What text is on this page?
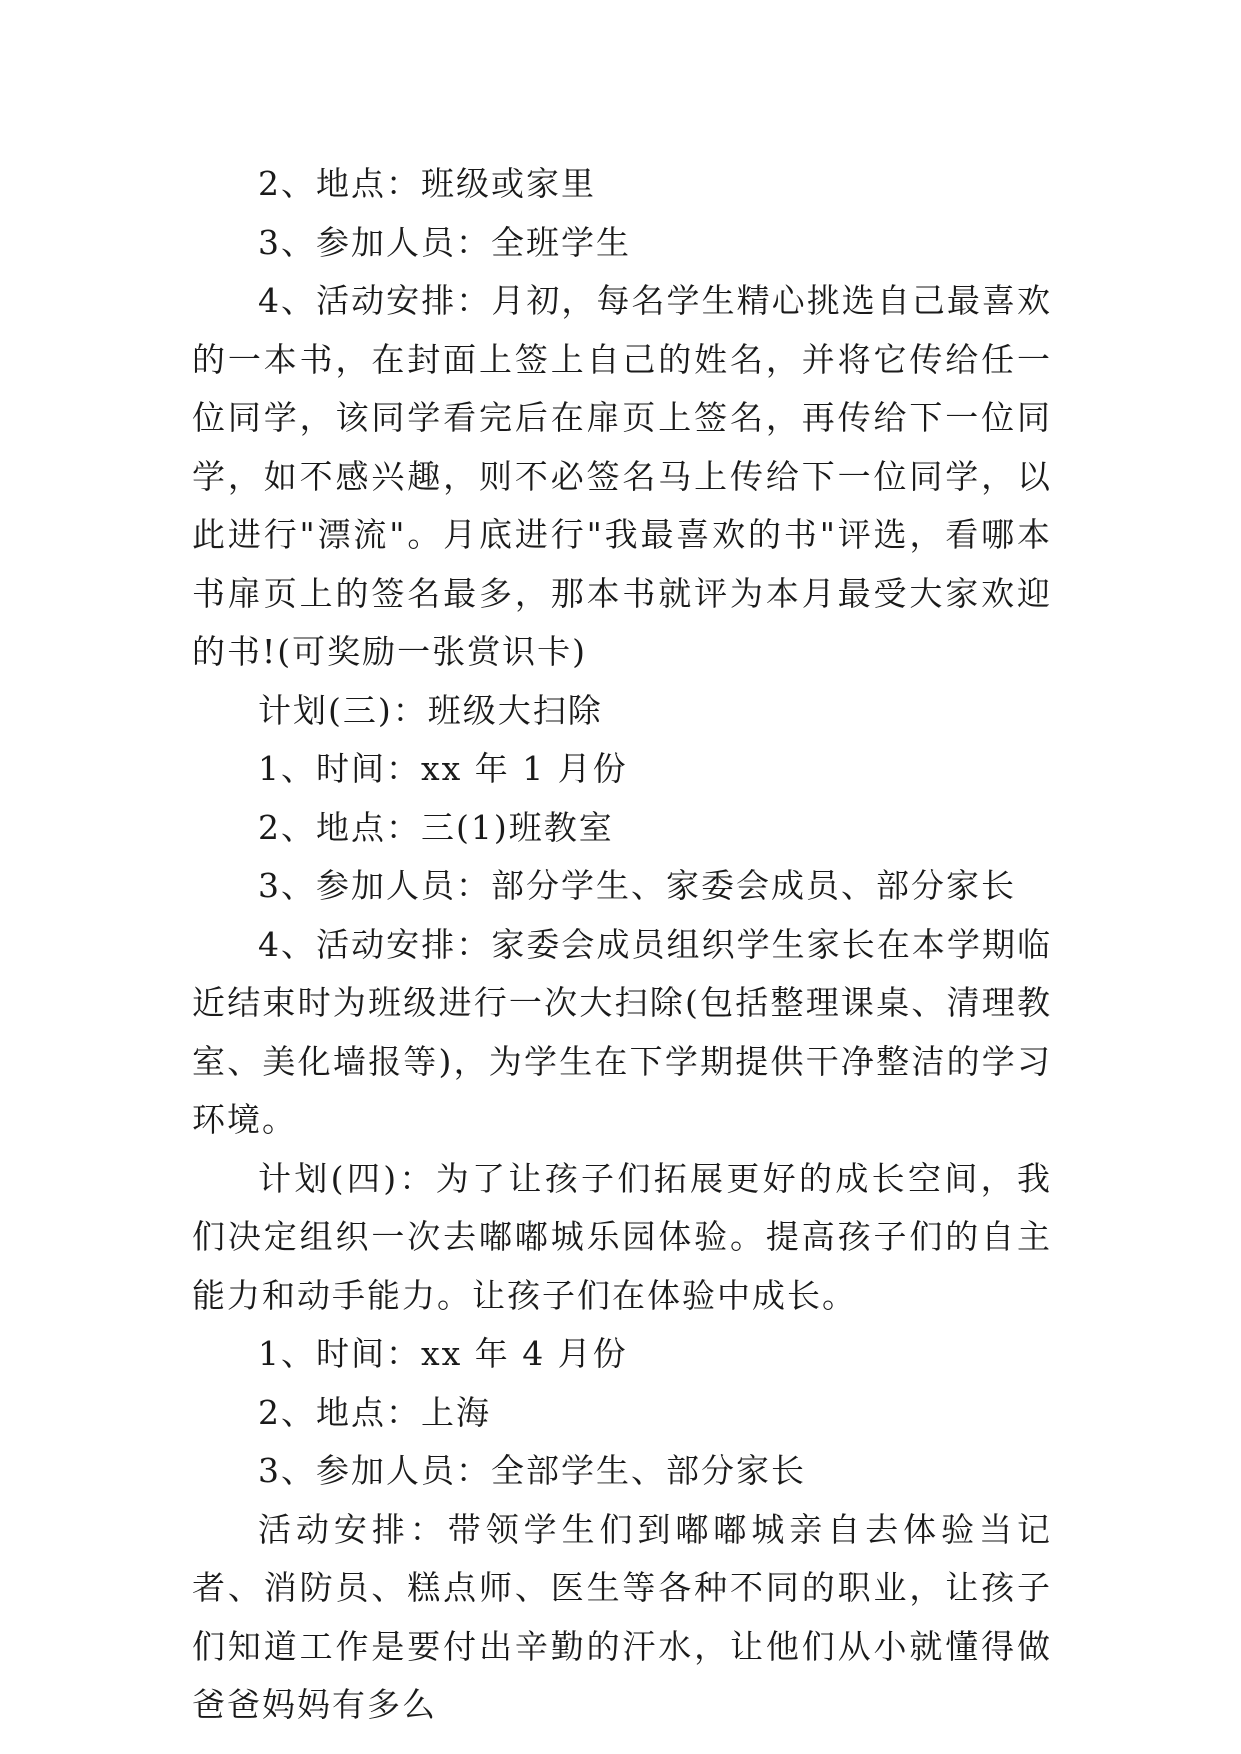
2、地点：班级或家里

3、参加人员：全班学生

4、活动安排：月初，每名学生精心挑选自己最喜欢的一本书，在封面上签上自己的姓名，并将它传给任一位同学，该同学看完后在扉页上签名，再传给下一位同学，如不感兴趣，则不必签名马上传给下一位同学，以此进行"漂流"。月底进行"我最喜欢的书"评选，看哪本书扉页上的签名最多，那本书就评为本月最受大家欢迎的书!(可奖励一张赏识卡)

计划(三)：班级大扫除

1、时间：xx 年 1 月份

2、地点：三(1)班教室

3、参加人员：部分学生、家委会成员、部分家长

4、活动安排：家委会成员组织学生家长在本学期临近结束时为班级进行一次大扫除(包括整理课桌、清理教室、美化墙报等)，为学生在下学期提供干净整洁的学习环境。

计划(四)：为了让孩子们拓展更好的成长空间，我们决定组织一次去嘟嘟城乐园体验。提高孩子们的自主能力和动手能力。让孩子们在体验中成长。

1、时间：xx 年 4 月份

2、地点：上海

3、参加人员：全部学生、部分家长

活动安排：带领学生们到嘟嘟城亲自去体验当记者、消防员、糕点师、医生等各种不同的职业，让孩子们知道工作是要付出辛勤的汗水，让他们从小就懂得做爸爸妈妈有多么
